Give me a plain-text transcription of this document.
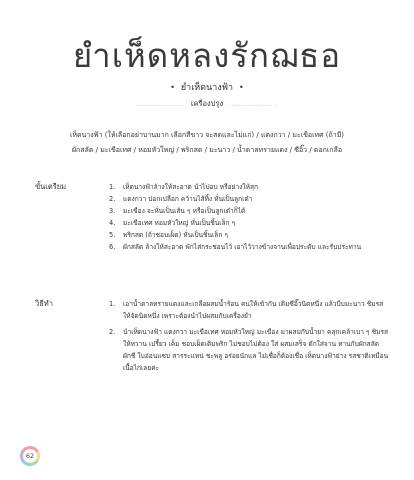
ยำเห็ดหลงรักฌธอ
• ยำเห็ดนางฟ้า •
.................. เครื่องปรุง ..................
เห็ดนางฟ้า (ให้เลือกอย่าบานมาก เลือกสีขาว จะสดและไม่แก่) / แตงกวา / มะเขือเทศ (ถ้ามี)
ผักสลัด / มะเขือเทศ / หอมหัวใหญ่ / พริกสด / มะนาว / น้ำตาลทรายแดง / ซีอิ๊ว / ดอกเกลือ
ขั้นเตรียม	1.	เห็ดนางฟ้าล้างให้สะอาด นำไปอบ หรือย่างให้สุก
2.	แตงกวา ปอกเปลือก คว้านไส้ทิ้ง หั่นเป็นลูกเต๋า
3.	มะเขือง จะหั่นเป็นเส้น ๆ หรือเป็นลูกเต๋าก็ได้
4.	มะเขือเทศ หอมหัวใหญ่ หั่นเป็นชิ้นเล็ก ๆ
5.	พริกสด (ถ้าชอบเผ็ด) หั่นเป็นชิ้นเล็ก ๆ
6.	ผักสลัด ล้างให้สะอาด พักไส่กระชอนไว้ เอาไว้วางข้างจานเพื่อประดับ และรับประทาน
วิธีทำ	1.	เอาน้ำตาลทรายแดงและเกลือผสมน้ำร้อน คนให้เข้ากัน เติมซีอิ๊วนิดหนึ่ง แล้วบีบมะนาว ชิมรส ให้จัดนิดหนึ่ง เพราะต้องนำไปผสมกับเครื่องยำ
2.	นำเห็ดนางฟ้า แตงกวา มะเขือเทศ หอมหัวใหญ่ มะเขือง มาผสมกับน้ำยา คลุกเคล้าเบา ๆ ชิมรสให้หวาน เปรี้ยว เค็ม ชอบเผ็ดเติมพริก ไม่ชอบไม่ต้อง ใส่ ผสมเสร็จ ตักใส่จาน ทานกับผักสลัด ผักชี ใบอ่อนแซบ สารระแหน่ ชะพลู อร่อยนักแล ไม่เชื่อก็ต้องเชื่อ เห็ดนางฟ้าย่าง รสชาติเหมือนเนื้อไก่เลยค่ะ
62
